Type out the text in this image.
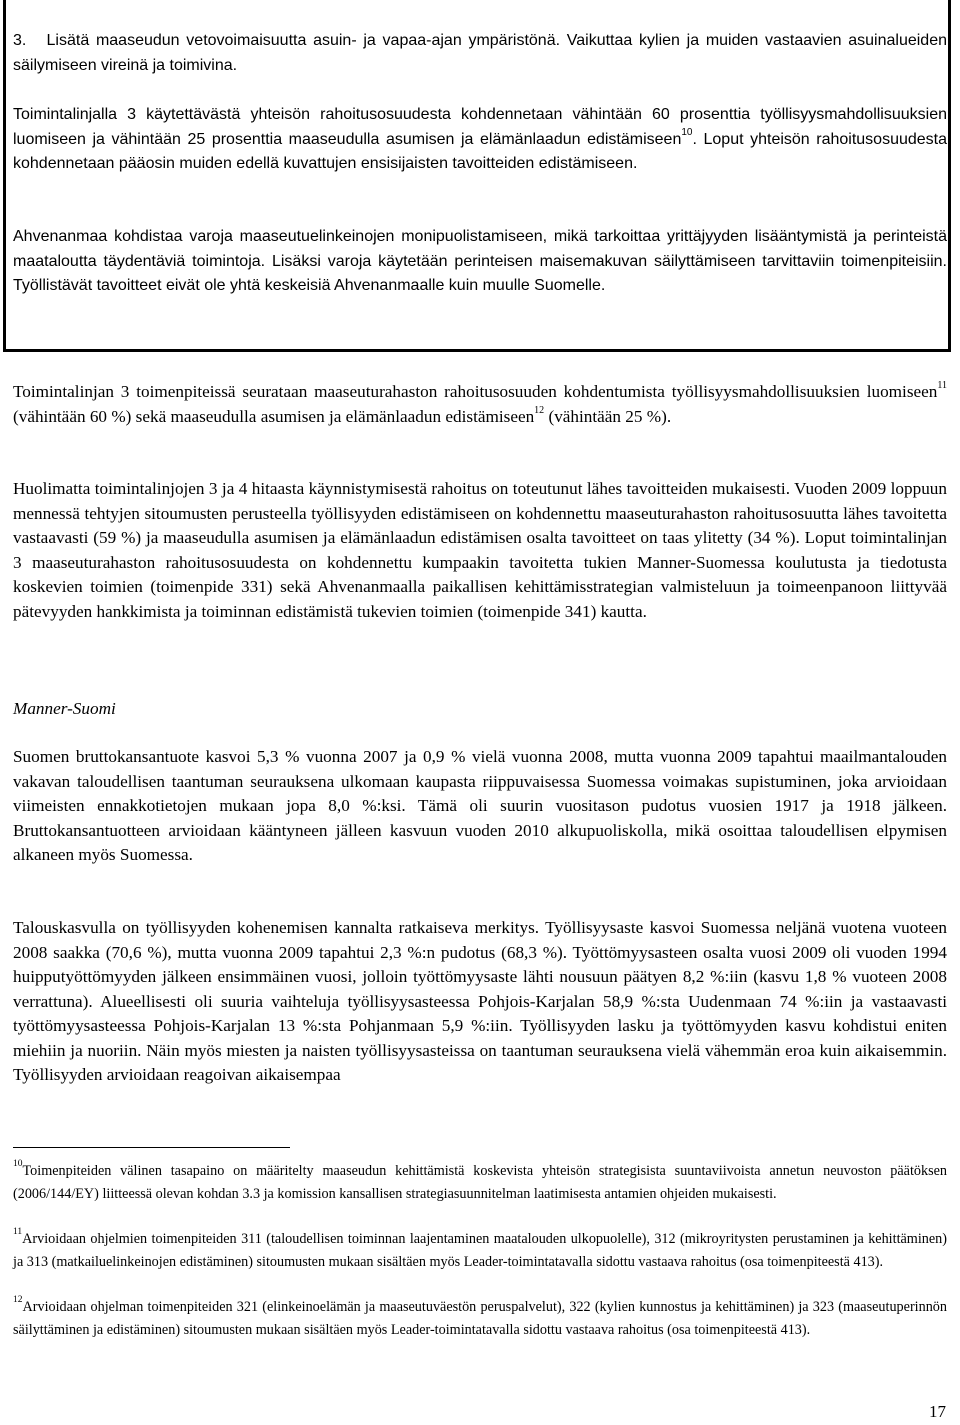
3. Lisätä maaseudun vetovoimaisuutta asuin- ja vapaa-ajan ympäristönä. Vaikuttaa kylien ja muiden vastaavien asuinalueiden säilymiseen vireinä ja toimivina.

Toimintalinjalla 3 käytettävästä yhteisön rahoitusosuudesta kohdennetaan vähintään 60 prosenttia työllisyysmahdollisuuksien luomiseen ja vähintään 25 prosenttia maaseudulla asumisen ja elämänlaadun edistämiseen$^{10}$. Loput yhteisön rahoitusosuudesta kohdennetaan pääosin muiden edellä kuvattujen ensisijaisten tavoitteiden edistämiseen.

Ahvenanmaa kohdistaa varoja maaseutuelinkeinojen monipuolistamiseen, mikä tarkoittaa yrittäjyyden lisääntymistä ja perinteistä maataloutta täydentäviä toimintoja. Lisäksi varoja käytetään perinteisen maisemakuvan säilyttämiseen tarvittaviin toimenpiteisiin. Työllistävät tavoitteet eivät ole yhtä keskeisiä Ahvenanmaalle kuin muulle Suomelle.

Toimintalinjan 3 toimenpiteissä seurataan maaseuturahaston rahoitusosuuden kohdentumista työllisyysmahdollisuuksien luomiseen$^{11}$ (vähintään 60 %) sekä maaseudulla asumisen ja elämänlaadun edistämiseen$^{12}$ (vähintään 25 %).

Huolimatta toimintalinjojen 3 ja 4 hitaasta käynnistymisestä rahoitus on toteutunut lähes tavoitteiden mukaisesti. Vuoden 2009 loppuun mennessä tehtyjen sitoumusten perusteella työllisyyden edistämiseen on kohdennettu maaseuturahaston rahoitusosuutta lähes tavoitetta vastaavasti (59 %) ja maaseudulla asumisen ja elämänlaadun edistämisen osalta tavoitteet on taas ylitetty (34 %). Loput toimintalinjan 3 maaseuturahaston rahoitusosuudesta on kohdennettu kumpaakin tavoitetta tukien Manner-Suomessa koulutusta ja tiedotusta koskevien toimien (toimenpide 331) sekä Ahvenanmaalla paikallisen kehittämisstrategian valmisteluun ja toimeenpanoon liittyvää pätevyyden hankkimista ja toiminnan edistämistä tukevien toimien (toimenpide 341) kautta.

Manner-Suomi

Suomen bruttokansantuote kasvoi 5,3 % vuonna 2007 ja 0,9 % vielä vuonna 2008, mutta vuonna 2009 tapahtui maailmantalouden vakavan taloudellisen taantuman seurauksena ulkomaan kaupasta riippuvaisessa Suomessa voimakas supistuminen, joka arvioidaan viimeisten ennakkotietojen mukaan jopa 8,0 %:ksi. Tämä oli suurin vuositason pudotus vuosien 1917 ja 1918 jälkeen. Bruttokansantuotteen arvioidaan kääntyneen jälleen kasvuun vuoden 2010 alkupuoliskolla, mikä osoittaa taloudellisen elpymisen alkaneen myös Suomessa.

Talouskasvulla on työllisyyden kohenemisen kannalta ratkaiseva merkitys. Työllisyysaste kasvoi Suomessa neljänä vuotena vuoteen 2008 saakka (70,6 %), mutta vuonna 2009 tapahtui 2,3 %:n pudotus (68,3 %). Työttömyysasteen osalta vuosi 2009 oli vuoden 1994 huipputyöttömyyden jälkeen ensimmäinen vuosi, jolloin työttömyysaste lähti nousuun päätyen 8,2 %:iin (kasvu 1,8 % vuoteen 2008 verrattuna). Alueellisesti oli suuria vaihteluja työllisyysasteessa Pohjois-Karjalan 58,9 %:sta Uudenmaan 74 %:iin ja vastaavasti työttömyysasteessa Pohjois-Karjalan 13 %:sta Pohjanmaan 5,9 %:iin. Työllisyyden lasku ja työttömyyden kasvu kohdistui eniten miehiin ja nuoriin. Näin myös miesten ja naisten työllisyysasteissa on taantuman seurauksena vielä vähemmän eroa kuin aikaisemmin. Työllisyyden arvioidaan reagoivan aikaisempaa

$^{10}$Toimenpiteiden välinen tasapaino on määritelty maaseudun kehittämistä koskevista yhteisön strategisista suuntaviivoista annetun neuvoston päätöksen (2006/144/EY) liitteessä olevan kohdan 3.3 ja komission kansallisen strategiasuunnitelman laatimisesta antamien ohjeiden mukaisesti.

$^{11}$Arvioidaan ohjelmien toimenpiteiden 311 (taloudellisen toiminnan laajentaminen maatalouden ulkopuolelle), 312 (mikroyritysten perustaminen ja kehittäminen) ja 313 (matkailuelinkeinojen edistäminen) sitoumusten mukaan sisältäen myös Leader-toimintatavalla sidottu vastaava rahoitus (osa toimenpiteestä 413).

$^{12}$Arvioidaan ohjelman toimenpiteiden 321 (elinkeinoelämän ja maaseutuväestön peruspalvelut), 322 (kylien kunnostus ja kehittäminen) ja 323 (maaseutuperinnön säilyttäminen ja edistäminen) sitoumusten mukaan sisältäen myös Leader-toimintatavalla sidottu vastaava rahoitus (osa toimenpiteestä 413).

17
